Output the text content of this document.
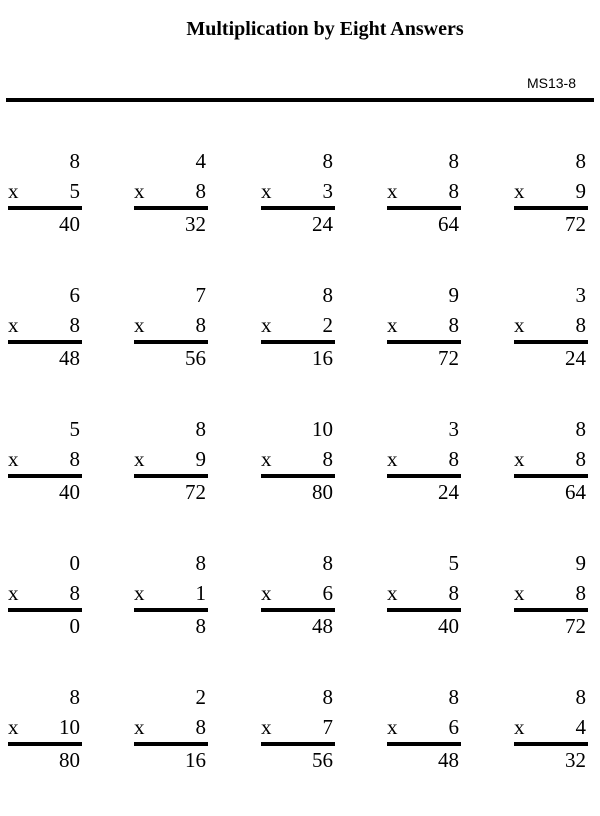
Multiplication by Eight Answers
MS13-8
8
x 5
40
4
x 8
32
8
x 3
24
8
x 8
64
8
x 9
72
6
x 8
48
7
x 8
56
8
x 2
16
9
x 8
72
3
x 8
24
5
x 8
40
8
x 9
72
10
x 8
80
3
x 8
24
8
x 8
64
0
x 8
0
8
x 1
8
8
x 6
48
5
x 8
40
9
x 8
72
8
x 10
80
2
x 8
16
8
x 7
56
8
x 6
48
8
x 4
32
